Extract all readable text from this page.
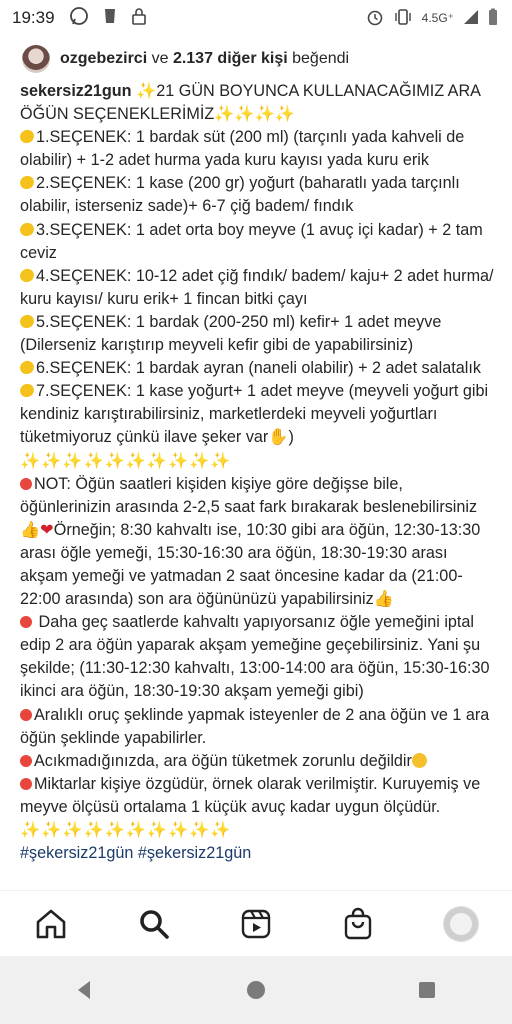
19:39	4.5G⁺
ozgebezirci ve 2.137 diğer kişi beğendi

sekersiz21gun ✨21 GÜN BOYUNCA KULLANACAĞIMIZ ARA ÖĞÜN SEÇENEKLERİMİZ✨✨✨✨

1.SEÇENEK: 1 bardak süt (200 ml) (tarçınlı yada kahveli de olabilir) + 1-2 adet hurma yada kuru kayısı yada kuru erik

2.SEÇENEK: 1 kase (200 gr) yoğurt (baharatlı yada tarçınlı olabilir, isterseniz sade)+ 6-7 çiğ badem/ fındık

3.SEÇENEK: 1 adet orta boy meyve (1 avuç içi kadar) + 2 tam ceviz

4.SEÇENEK: 10-12 adet çiğ fındık/ badem/ kaju+ 2 adet hurma/ kuru kayısı/ kuru erik+ 1 fincan bitki çayı

5.SEÇENEK: 1 bardak (200-250 ml) kefir+ 1 adet meyve (Dilerseniz karıştırıp meyveli kefir gibi de yapabilirsiniz)

6.SEÇENEK: 1 bardak ayran (naneli olabilir) + 2 adet salatalık

7.SEÇENEK: 1 kase yoğurt+ 1 adet meyve (meyveli yoğurt gibi kendiniz karıştırabilirsiniz, marketlerdeki meyveli yoğurtları tüketmiyoruz çünkü ilave şeker var✋)

✨✨✨✨✨✨✨✨✨✨

NOT: Öğün saatleri kişiden kişiye göre değişse bile, öğünlerinizin arasında 2-2,5 saat fark bırakarak beslenebilirsiniz

👍❤Örneğin; 8:30 kahvaltı ise, 10:30 gibi ara öğün, 12:30-13:30 arası öğle yemeği, 15:30-16:30 ara öğün, 18:30-19:30 arası akşam yemeği ve yatmadan 2 saat öncesine kadar da (21:00-22:00 arasında) son ara öğününüzü yapabilirsiniz👍

Daha geç saatlerde kahvaltı yapıyorsanız öğle yemeğini iptal edip 2 ara öğün yaparak akşam yemeğine geçebilirsiniz. Yani şu şekilde; (11:30-12:30 kahvaltı, 13:00-14:00 ara öğün, 15:30-16:30 ikinci ara öğün, 18:30-19:30 akşam yemeği gibi)

Aralıklı oruç şeklinde yapmak isteyenler de 2 ana öğün ve 1 ara öğün şeklinde yapabilirler.

Acıkmadığınızda, ara öğün tüketmek zorunlu değildir

Miktarlar kişiye özgüdür, örnek olarak verilmiştir. Kuruyemiş ve meyve ölçüsü ortalama 1 küçük avuç kadar uygun ölçüdür.

✨✨✨✨✨✨✨✨✨✨

#şekersiz21gün #şekersiz21gün
